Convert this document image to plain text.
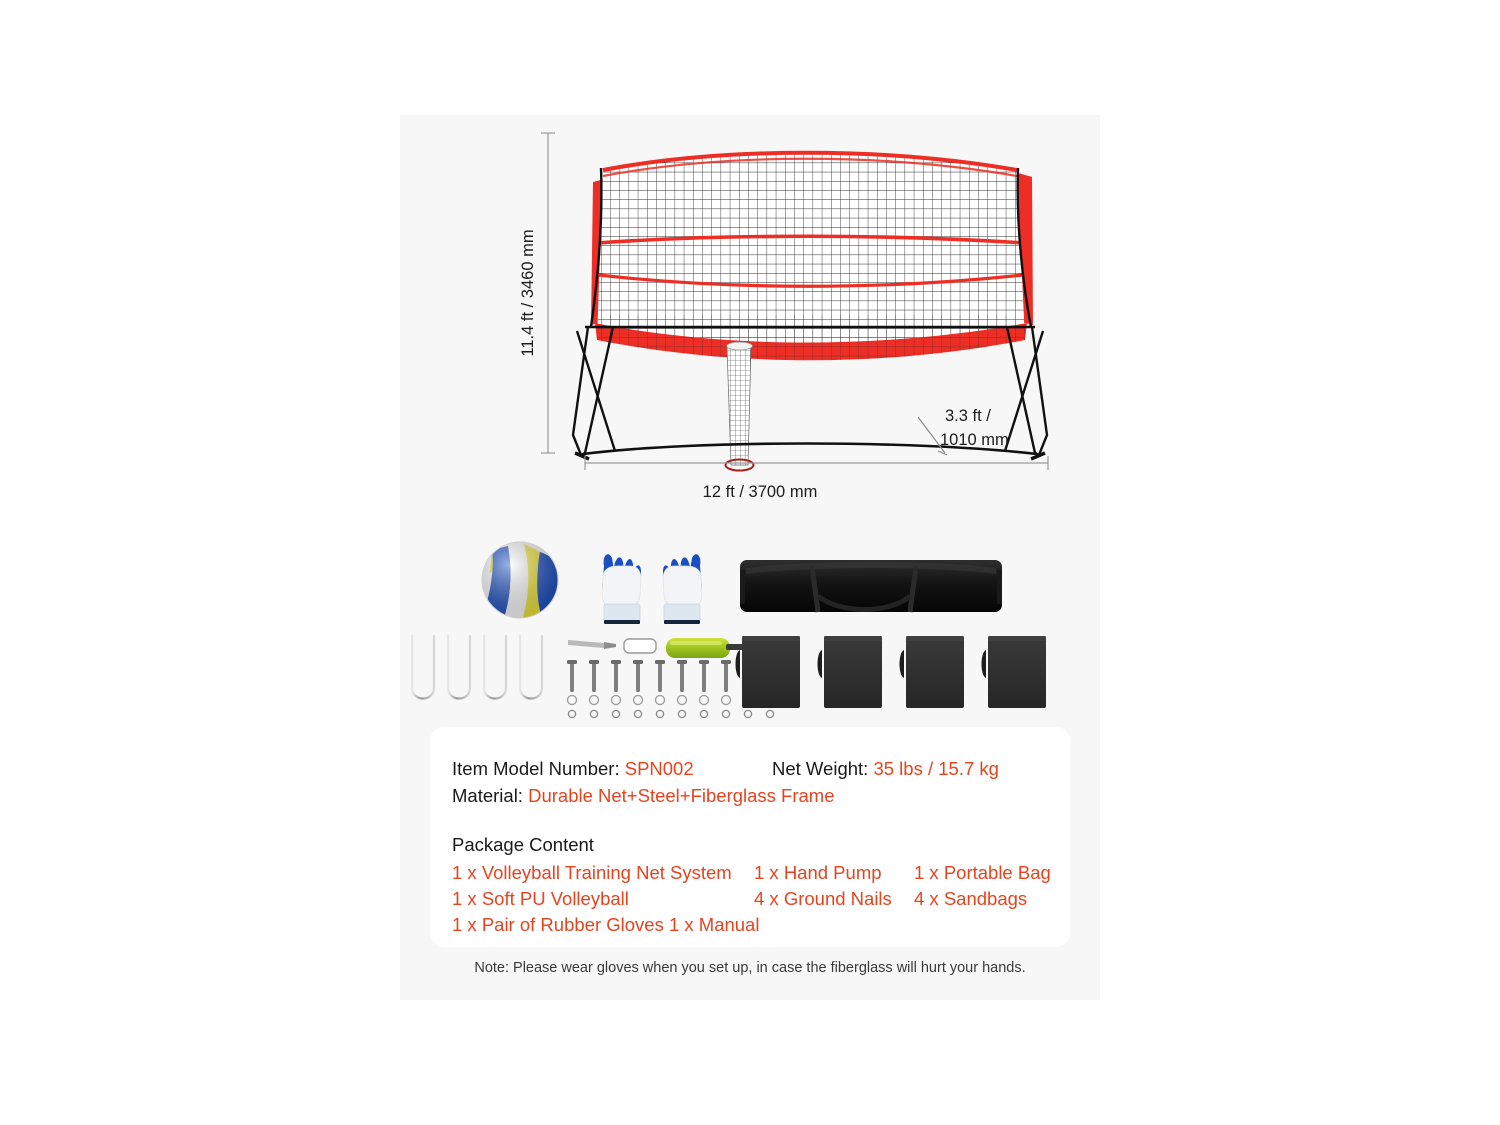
11.4 ft / 3460 mm
12 ft / 3700 mm
3.3 ft /
1010 mm
Item Model Number: SPN002	Net Weight: 35 lbs / 15.7 kg
Material: Durable Net+Steel+Fiberglass Frame
Package Content
1 x Volleyball Training Net System	1 x Hand Pump	1 x Portable Bag
1 x Soft PU Volleyball	4 x Ground Nails	4 x Sandbags
1 x Pair of Rubber Gloves 1 x Manual
Note: Please wear gloves when you set up, in case the fiberglass will hurt your hands.
